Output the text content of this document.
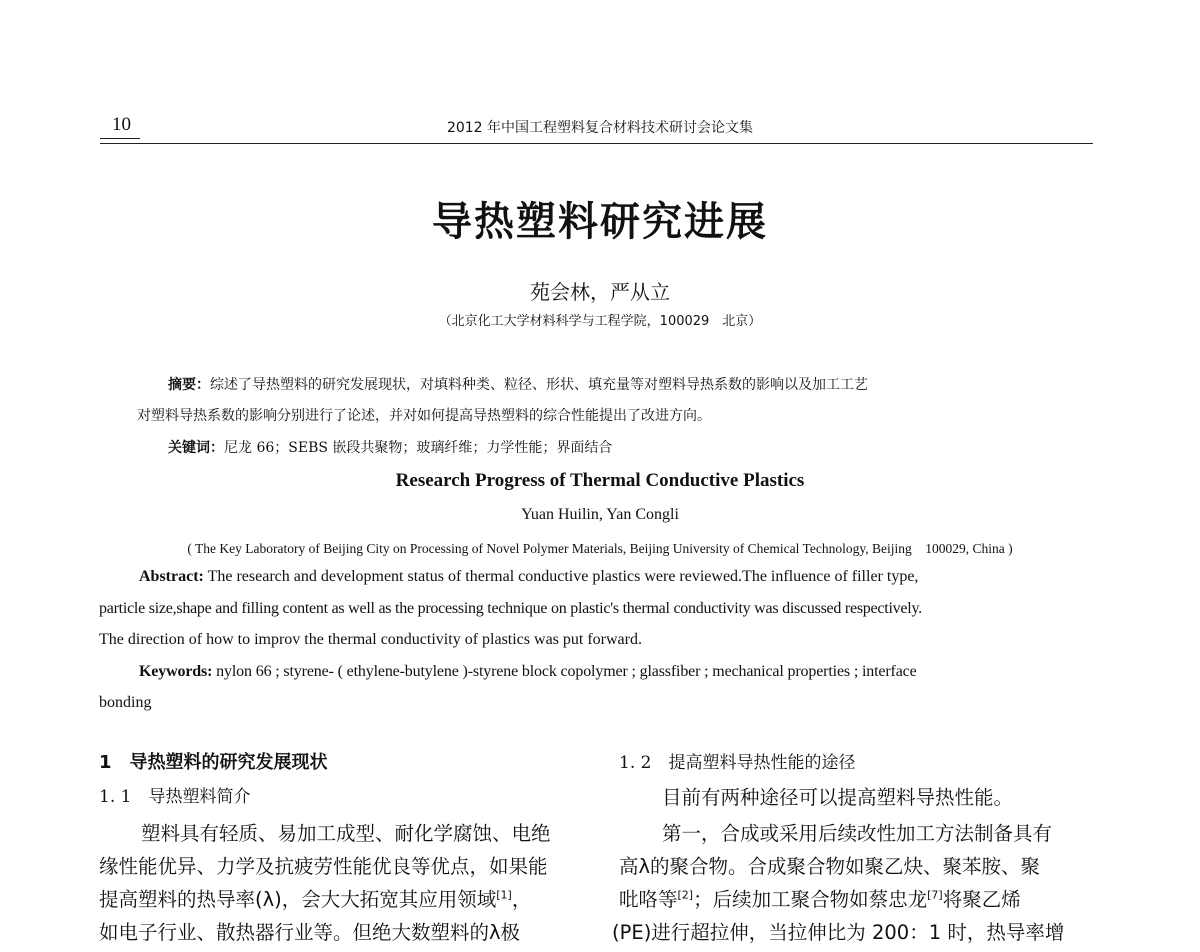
10	2012 年中国工程塑料复合材料技术研讨会论文集
导热塑料研究进展
苑会林，严从立
（北京化工大学材料科学与工程学院，100029　北京）
摘要：综述了导热塑料的研究发展现状，对填料种类、粒径、形状、填充量等对塑料导热系数的影响以及加工工艺
对塑料导热系数的影响分别进行了论述，并对如何提高导热塑料的综合性能提出了改进方向。
关键词：尼龙 66；SEBS 嵌段共聚物；玻璃纤维；力学性能；界面结合
Research Progress of Thermal Conductive Plastics
Yuan Huilin, Yan Congli
( The Key Laboratory of Beijing City on Processing of Novel Polymer Materials, Beijing University of Chemical Technology, Beijing　100029, China )
Abstract: The research and development status of thermal conductive plastics were reviewed.The influence of filler type,
particle size,shape and filling content as well as the processing technique on plastic's thermal conductivity was discussed respectively.
The direction of how to improv the thermal conductivity of plastics was put forward.
Keywords: nylon 66 ; styrene- ( ethylene-butylene )-styrene block copolymer ; glassfiber ; mechanical properties ; interface
bonding
1　导热塑料的研究发展现状
1. 1　导热塑料简介
塑料具有轻质、易加工成型、耐化学腐蚀、电绝
缘性能优异、力学及抗疲劳性能优良等优点，如果能
提高塑料的热导率(λ)，会大大拓宽其应用领域[1]，
如电子行业、散热器行业等。但绝大数塑料的λ极
1. 2　提高塑料导热性能的途径
目前有两种途径可以提高塑料导热性能。
第一，合成或采用后续改性加工方法制备具有
高λ的聚合物。合成聚合物如聚乙炔、聚苯胺、聚
吡咯等[2]；后续加工聚合物如蔡忠龙[7]将聚乙烯
(PE)进行超拉伸，当拉伸比为 200：1 时，热导率增
